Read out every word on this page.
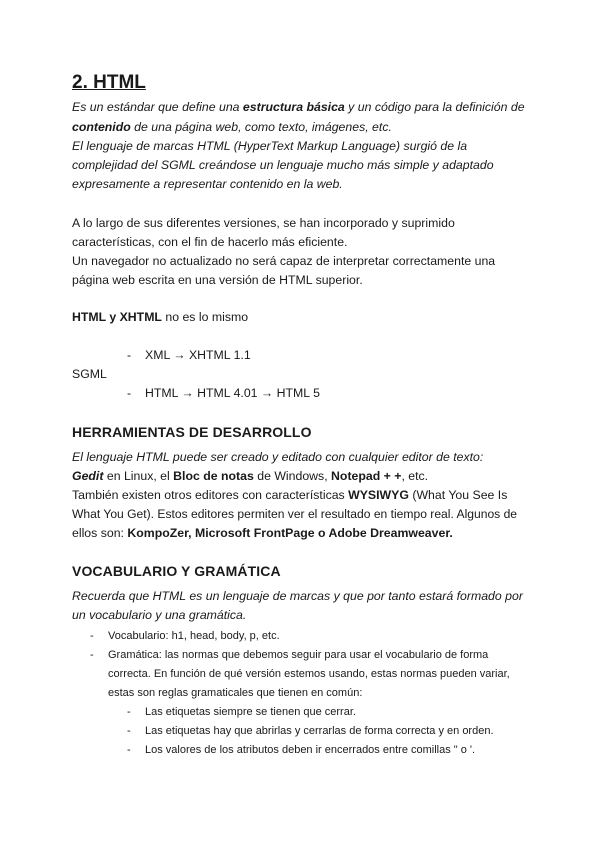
2. HTML
Es un estándar que define una estructura básica y un código para la definición de
contenido de una página web, como texto, imágenes, etc.
El lenguaje de marcas HTML (HyperText Markup Language) surgió de la
complejidad del SGML creándose un lenguaje mucho más simple y adaptado
expresamente a representar contenido en la web.
A lo largo de sus diferentes versiones, se han incorporado y suprimido
características, con el fin de hacerlo más eficiente.
Un navegador no actualizado no será capaz de interpretar correctamente una
página web escrita en una versión de HTML superior.
HTML y XHTML no es lo mismo
- XML → XHTML 1.1
SGML
- HTML → HTML 4.01 → HTML 5
HERRAMIENTAS DE DESARROLLO
El lenguaje HTML puede ser creado y editado con cualquier editor de texto:
Gedit en Linux, el Bloc de notas de Windows, Notepad + +, etc.
También existen otros editores con características WYSIWYG (What You See Is
What You Get). Estos editores permiten ver el resultado en tiempo real. Algunos de
ellos son: KompoZer, Microsoft FrontPage o Adobe Dreamweaver.
VOCABULARIO Y GRAMÁTICA
Recuerda que HTML es un lenguaje de marcas y que por tanto estará formado por
un vocabulario y una gramática.
- Vocabulario: h1, head, body, p, etc.
- Gramática: las normas que debemos seguir para usar el vocabulario de forma
correcta. En función de qué versión estemos usando, estas normas pueden variar,
estas son reglas gramaticales que tienen en común:
- Las etiquetas siempre se tienen que cerrar.
- Las etiquetas hay que abrirlas y cerrarlas de forma correcta y en orden.
- Los valores de los atributos deben ir encerrados entre comillas " o '.
